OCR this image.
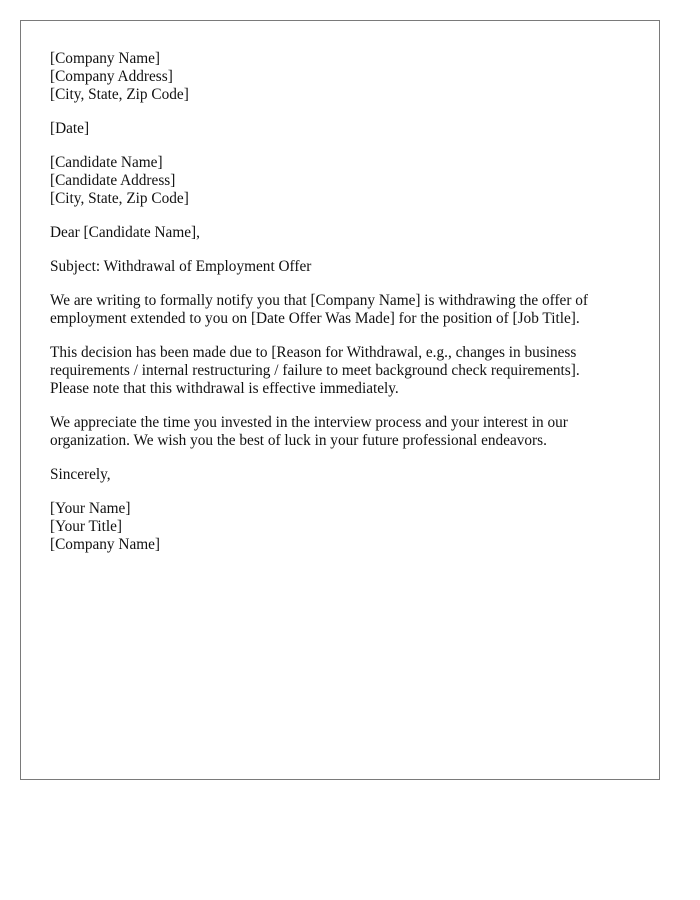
[Company Name]
[Company Address]
[City, State, Zip Code]
[Date]
[Candidate Name]
[Candidate Address]
[City, State, Zip Code]
Dear [Candidate Name],
Subject: Withdrawal of Employment Offer
We are writing to formally notify you that [Company Name] is withdrawing the offer of
employment extended to you on [Date Offer Was Made] for the position of [Job Title].
This decision has been made due to [Reason for Withdrawal, e.g., changes in business
requirements / internal restructuring / failure to meet background check requirements].
Please note that this withdrawal is effective immediately.
We appreciate the time you invested in the interview process and your interest in our
organization. We wish you the best of luck in your future professional endeavors.
Sincerely,
[Your Name]
[Your Title]
[Company Name]
